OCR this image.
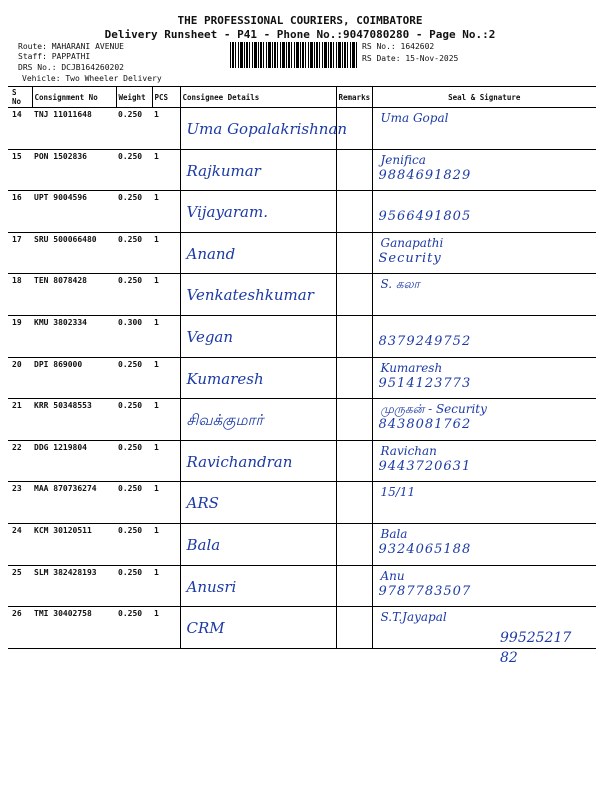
THE PROFESSIONAL COURIERS, COIMBATORE
Delivery Runsheet - P41 - Phone No.:9047080280 - Page No.:2
Route: MAHARANI AVENUE
Staff: PAPPATHI
DRS No.: DCJB164260202
Vehicle: Two Wheeler Delivery
RS No.: 1642602
RS Date: 15-Nov-2025
S No	Consignment No	Weight	PCS	Consignee Details	Remarks	Seal & Signature
14	TNJ 11011648	0.250	1	Uma Gopalakrishnan		Uma Gopal

15	PON 1502836	0.250	1	Rajkumar		Jenifica
9884691829

16	UPT 9004596	0.250	1	Vijayaram.		9566491805

17	SRU 500066480	0.250	1	Anand		Ganapathi
Security

18	TEN 8078428	0.250	1	Venkateshkumar		S. கலா

19	KMU 3802334	0.300	1	Vegan		8379249752

20	DPI 869000	0.250	1	Kumaresh		Kumaresh
9514123773

21	KRR 50348553	0.250	1	சிவக்குமார்		முருகன் - Security
8438081762

22	DDG 1219804	0.250	1	Ravichandran		Ravichan
9443720631

23	MAA 870736274	0.250	1	ARS		15/11

24	KCM 30120511	0.250	1	Bala		Bala
9324065188

25	SLM 382428193	0.250	1	Anusri		Anu
9787783507

26	TMI 30402758	0.250	1	CRM		S.T.Jayapal
99525217
82
